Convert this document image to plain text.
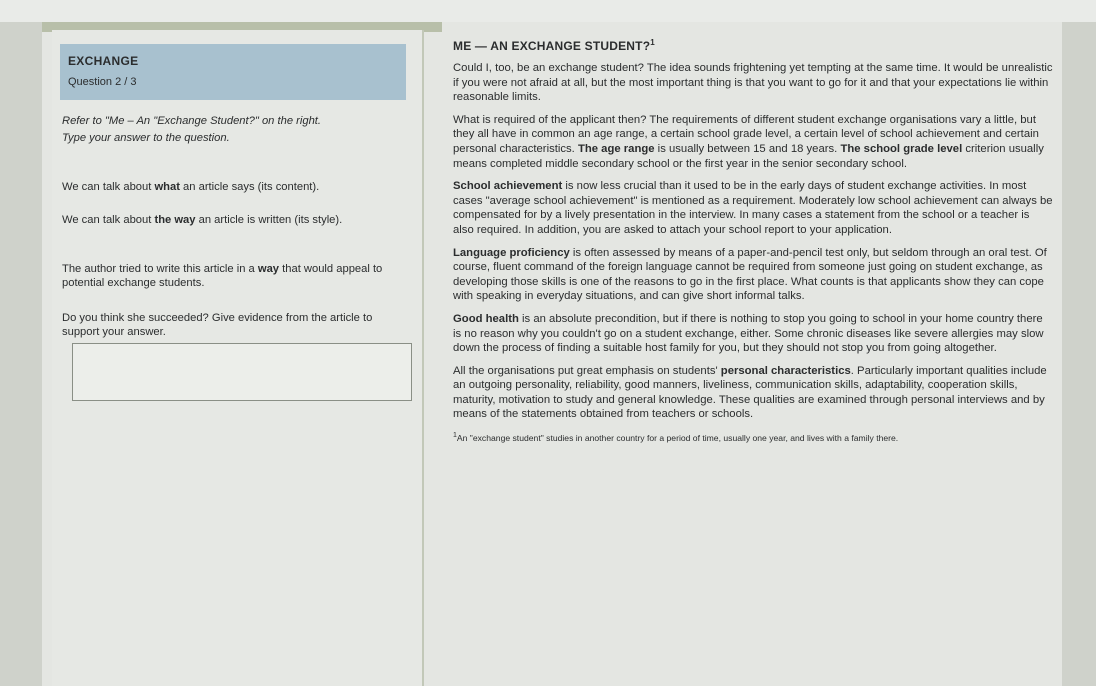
EXCHANGE
Question 2 / 3

Refer to "Me – An "Exchange Student?" on the right.

Type your answer to the question.

We can talk about what an article says (its content).

We can talk about the way an article is written (its style).

The author tried to write this article in a way that would appeal to potential exchange students.

Do you think she succeeded? Give evidence from the article to support your answer.

ME — AN EXCHANGE STUDENT?$^1$

Could I, too, be an exchange student? The idea sounds frightening yet tempting at the same time. It would be unrealistic if you were not afraid at all, but the most important thing is that you want to go for it and that your expectations lie within reasonable limits.

What is required of the applicant then? The requirements of different student exchange organisations vary a little, but they all have in common an age range, a certain school grade level, a certain level of school achievement and certain personal characteristics. The age range is usually between 15 and 18 years. The school grade level criterion usually means completed middle secondary school or the first year in the senior secondary school.

School achievement is now less crucial than it used to be in the early days of student exchange activities. In most cases "average school achievement" is mentioned as a requirement. Moderately low school achievement can always be compensated for by a lively presentation in the interview. In many cases a statement from the school or a teacher is also required. In addition, you are asked to attach your school report to your application.

Language proficiency is often assessed by means of a paper-and-pencil test only, but seldom through an oral test. Of course, fluent command of the foreign language cannot be required from someone just going on student exchange, as developing those skills is one of the reasons to go in the first place. What counts is that applicants show they can cope with speaking in everyday situations, and can give short informal talks.

Good health is an absolute precondition, but if there is nothing to stop you going to school in your home country there is no reason why you couldn't go on a student exchange, either. Some chronic diseases like severe allergies may slow down the process of finding a suitable host family for you, but they should not stop you from going altogether.

All the organisations put great emphasis on students' personal characteristics. Particularly important qualities include an outgoing personality, reliability, good manners, liveliness, communication skills, adaptability, cooperation skills, maturity, motivation to study and general knowledge. These qualities are examined through personal interviews and by means of the statements obtained from teachers or schools.

$^1$An "exchange student" studies in another country for a period of time, usually one year, and lives with a family there.
